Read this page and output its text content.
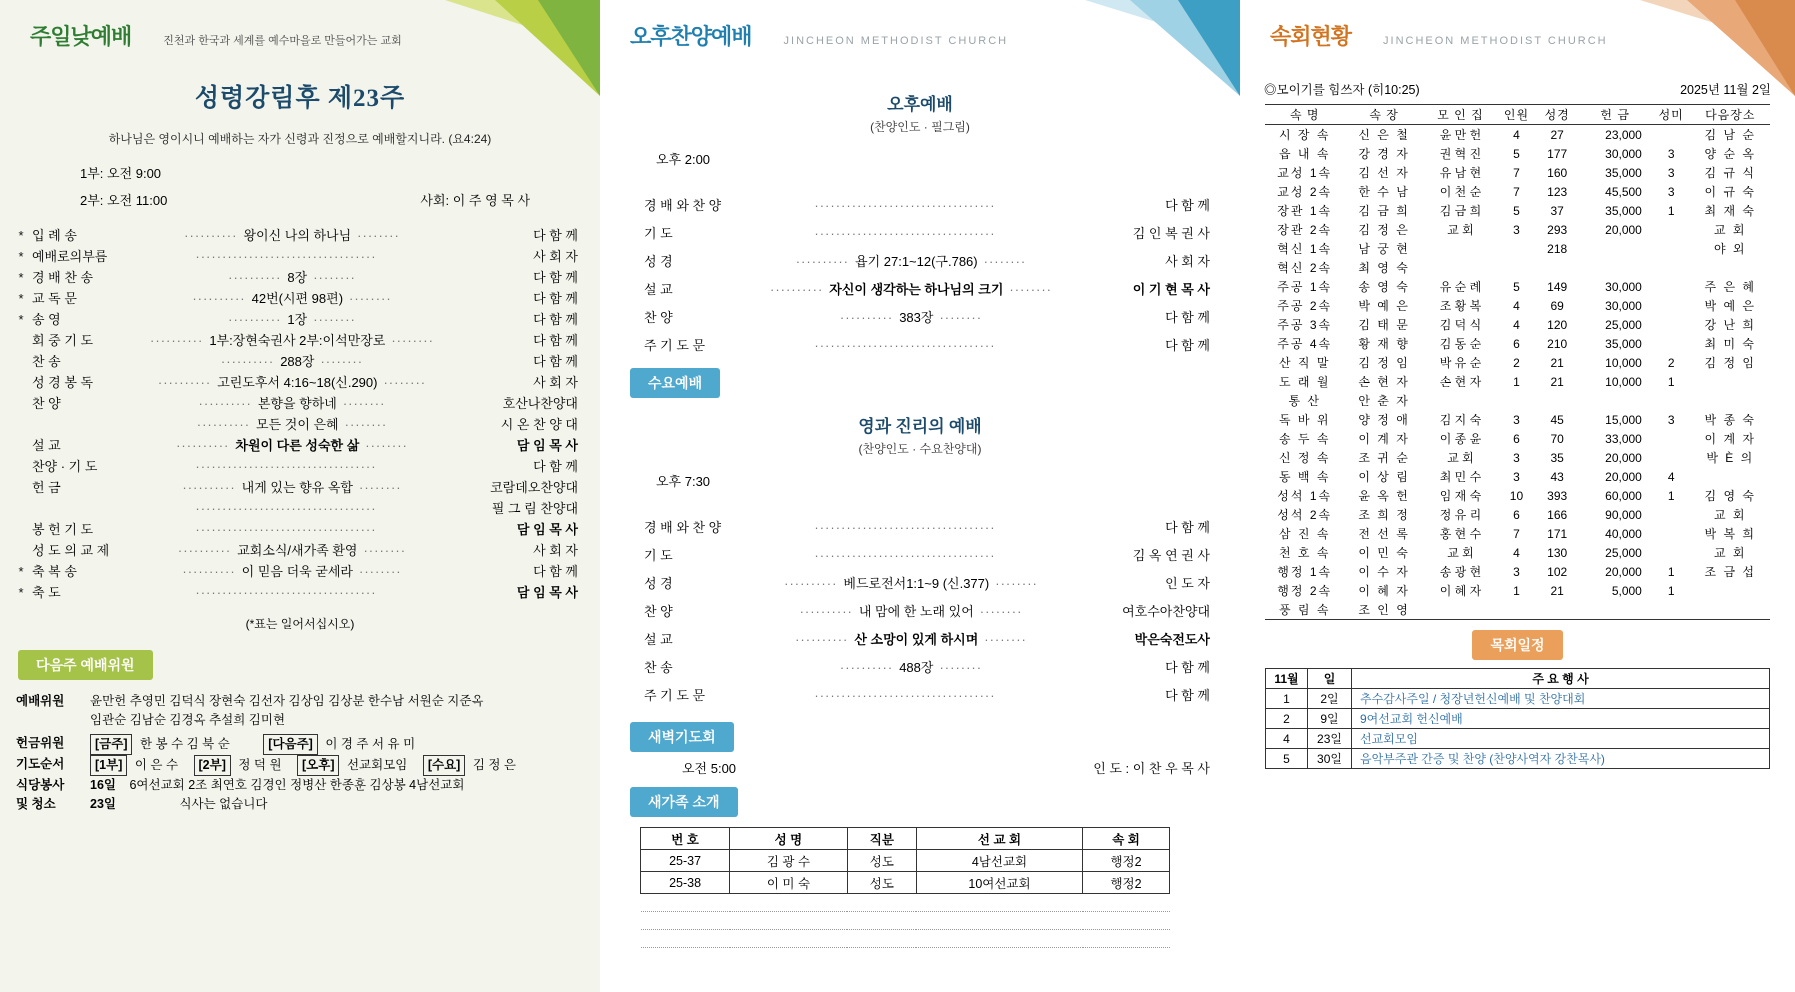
주일낮예배	진천과 한국과 세계를 예수마을로 만들어가는 교회
성령강림후 제23주
하나님은 영이시니 예배하는 자가 신령과 진정으로 예배할지니라. (요4:24)
1부: 오전 9:00
2부: 오전 11:00	사회: 이 주 영 목 사
* 입 례 송	·········· 왕이신 나의 하나님 ········	다 함 께
* 예배로의부름	··································	사 회 자
* 경 배 찬 송	·········· 8장 ········	다 함 께
* 교 독 문	·········· 42번(시편 98편) ········	다 함 께
* 송 영	·········· 1장 ········	다 함 께
회 중 기 도	·········· 1부:장현숙권사 2부:이석만장로 ········	다 함 께
찬 송	·········· 288장 ········	다 함 께
성 경 봉 독	·········· 고린도후서 4:16~18(신.290) ········	사 회 자
찬 양	·········· 본향을 향하네 ········	호산나찬양대
·········· 모든 것이 은혜 ········	시 온 찬 양 대
설 교	·········· 차원이 다른 성숙한 삶 ········	담 임 목 사
찬양 · 기 도	··································	다 함 께
헌 금	·········· 내게 있는 향유 옥합 ········	코람데오찬양대
··································	필 그 림 찬양대
봉 헌 기 도	··································	담 임 목 사
성 도 의 교 제	·········· 교회소식/새가족 환영 ········	사 회 자
* 축 복 송	·········· 이 믿음 더욱 굳세라 ········	다 함 께
* 축 도	··································	담 임 목 사
(*표는 일어서십시오)
다음주 예배위원
예배위원	윤만헌 추영민 김덕식 장현숙 김선자 김상임 김상분 한수남 서원순 지준옥
임관순 김남순 김경옥 추설희 김미현
헌금위원	[금주] 한 봉 수 김 북 순	[다음주] 이 경 주 서 유 미
기도순서	[1부] 이 은 수 [2부] 정 덕 원 [오후] 선교회모임 [수요] 김 정 은
식당봉사	16일 6여선교회 2조 최연호 김경인 정병산 한종훈 김상봉 4남선교회
및 청소	23일	식사는 없습니다
오후찬양예배	JINCHEON METHODIST CHURCH
오후예배
(찬양인도 · 필그림)
오후 2:00
경 배 와 찬 양	··································	다 함 께
기 도	··································	김 인 복 권 사
성 경	·········· 욥기 27:1~12(구.786) ········	사 회 자
설 교	·········· 자신이 생각하는 하나님의 크기 ········	이 기 현 목 사
찬 양	·········· 383장 ········	다 함 께
주 기 도 문	··································	다 함 께
수요예배
영과 진리의 예배
(찬양인도 · 수요찬양대)
오후 7:30
경 배 와 찬 양	··································	다 함 께
기 도	··································	김 옥 연 권 사
성 경	·········· 베드로전서1:1~9 (신.377) ········	인 도 자
찬 양	·········· 내 맘에 한 노래 있어 ········	여호수아찬양대
설 교	·········· 산 소망이 있게 하시며 ········	박은숙전도사
찬 송	·········· 488장 ········	다 함 께
주 기 도 문	··································	다 함 께
새벽기도회
오전 5:00	인 도 : 이 찬 우 목 사
새가족 소개
번 호	성 명	직분	선 교 회	속 회
25-37	김 광 수	성도	4남선교회	행정2
25-38	이 미 숙	성도	10여선교회	행정2

속회현황	JINCHEON METHODIST CHURCH
◎모이기를 힘쓰자 (히10:25)	2025년 11월 2일
속 명	속 장	모 인 집	인원	성경	헌 금	성미	다음장소
시 장 속	신 은 철	윤 만 헌	4	27	23,000		김 남 순
읍 내 속	강 경 자	권 혁 진	5	177	30,000	3	양 순 옥
교성 1속	김 선 자	유 남 현	7	160	35,000	3	김 규 식
교성 2속	한 수 남	이 천 순	7	123	45,500	3	이 규 숙
장관 1속	김 금 희	김 금 희	5	37	35,000	1	최 재 숙
장관 2속	김 정 은	교 회	3	293	20,000		교 회
혁신 1속	남 궁 현			218			야 외
혁신 2속	최 영 숙						
주공 1속	송 영 숙	유 순 례	5	149	30,000		주 은 혜
주공 2속	박 예 은	조 황 복	4	69	30,000		박 예 은
주공 3속	김 태 문	김 덕 식	4	120	25,000		강 난 희
주공 4속	황 재 향	김 동 순	6	210	35,000		최 미 숙
산 직 말	김 정 임	박 유 순	2	21	10,000	2	김 정 임
도 래 월	손 현 자	손 현 자	1	21	10,000	1	
통 산	안 춘 자						
독 바 위	양 정 애	김 지 숙	3	45	15,000	3	박 종 숙
송 두 속	이 계 자	이 종 윤	6	70	33,000		이 계 자
신 정 속	조 귀 순	교 회	3	35	20,000		박 È 의
동 백 속	이 상 림	최 민 수	3	43	20,000	4	
성석 1속	윤 옥 헌	임 재 숙	10	393	60,000	1	김 영 숙
성석 2속	조 희 정	정 유 리	6	166	90,000		교 회
삼 진 속	전 선 록	홍 현 수	7	171	40,000		박 복 희
천 호 속	이 민 숙	교 회	4	130	25,000		교 회
행정 1속	이 수 자	송 광 현	3	102	20,000	1	조 금 섭
행정 2속	이 혜 자	이 혜 자	1	21	5,000	1	
풍 림 속	조 인 영						
목회일정
11월	일	주 요 행 사
1	2일	추수감사주일 / 청장년헌신예배 및 찬양대회
2	9일	9여선교회 헌신예배
4	23일	선교회모임
5	30일	음악부주관 간증 및 찬양 (찬양사역자 강찬목사)
